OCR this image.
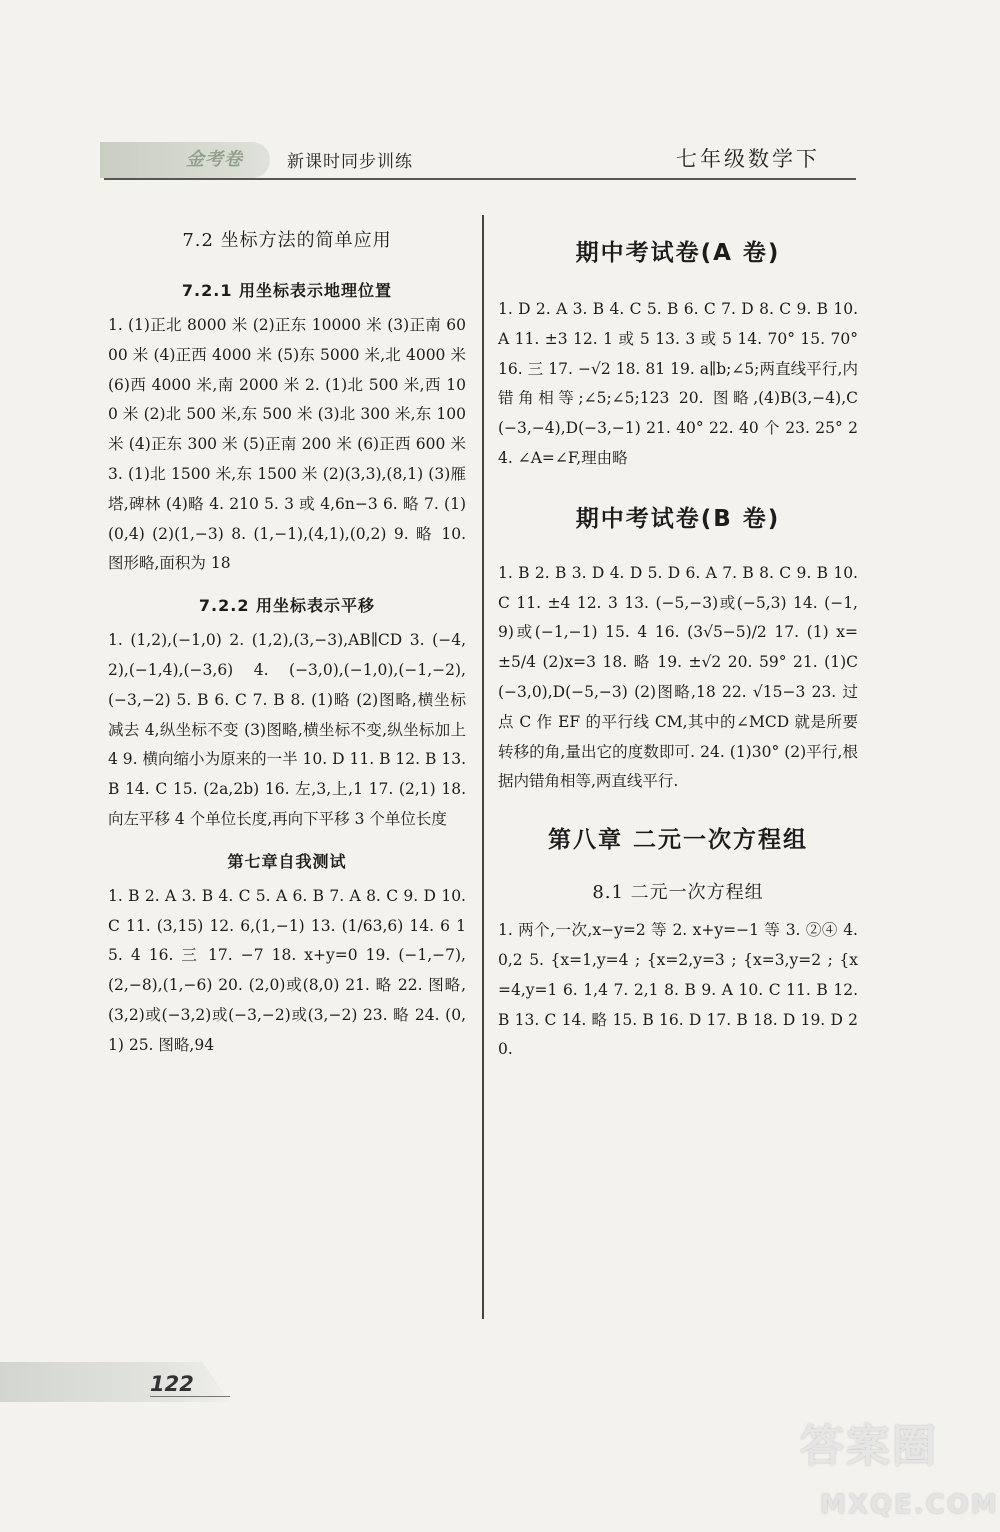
金考卷	新课时同步训练	七年级数学下

7.2 坐标方法的简单应用

7.2.1 用坐标表示地理位置

1. (1)正北 8000 米 (2)正东 10000 米 (3)正南 6000 米 (4)正西 4000 米 (5)东 5000 米,北 4000 米 (6)西 4000 米,南 2000 米 2. (1)北 500 米,西 100 米 (2)北 500 米,东 500 米 (3)北 300 米,东 100 米 (4)正东 300 米 (5)正南 200 米 (6)正西 600 米 3. (1)北 1500 米,东 1500 米 (2)(3,3),(8,1) (3)雁塔,碑林 (4)略 4. 210 5. 3 或 4,6n−3 6. 略 7. (1)(0,4) (2)(1,−3) 8. (1,−1),(4,1),(0,2) 9. 略 10. 图形略,面积为 18

7.2.2 用坐标表示平移

1. (1,2),(−1,0) 2. (1,2),(3,−3),AB∥CD 3. (−4,2),(−1,4),(−3,6) 4. (−3,0),(−1,0),(−1,−2),(−3,−2) 5. B 6. C 7. B 8. (1)略 (2)图略,横坐标减去 4,纵坐标不变 (3)图略,横坐标不变,纵坐标加上 4 9. 横向缩小为原来的一半 10. D 11. B 12. B 13. B 14. C 15. (2a,2b) 16. 左,3,上,1 17. (2,1) 18. 向左平移 4 个单位长度,再向下平移 3 个单位长度

第七章自我测试

1. B 2. A 3. B 4. C 5. A 6. B 7. A 8. C 9. D 10. C 11. (3,15) 12. 6,(1,−1) 13. (1/63,6) 14. 6 15. 4 16. 三 17. −7 18. x+y=0 19. (−1,−7),(2,−8),(1,−6) 20. (2,0)或(8,0) 21. 略 22. 图略,(3,2)或(−3,2)或(−3,−2)或(3,−2) 23. 略 24. (0,1) 25. 图略,94

期中考试卷(A 卷)

1. D 2. A 3. B 4. C 5. B 6. C 7. D 8. C 9. B 10. A 11. ±3 12. 1 或 5 13. 3 或 5 14. 70° 15. 70° 16. 三 17. −√2 18. 81 19. a∥b;∠5;两直线平行,内错角相等;∠5;∠5;123 20. 图略,(4)B(3,−4),C(−3,−4),D(−3,−1) 21. 40° 22. 40 个 23. 25° 24. ∠A=∠F,理由略

期中考试卷(B 卷)

1. B 2. B 3. D 4. D 5. D 6. A 7. B 8. C 9. B 10. C 11. ±4 12. 3 13. (−5,−3)或(−5,3) 14. (−1,9)或(−1,−1) 15. 4 16. (3√5−5)/2 17. (1) x=±5/4 (2)x=3 18. 略 19. ±√2 20. 59° 21. (1)C(−3,0),D(−5,−3) (2)图略,18 22. √15−3 23. 过点 C 作 EF 的平行线 CM,其中的∠MCD 就是所要转移的角,量出它的度数即可. 24. (1)30° (2)平行,根据内错角相等,两直线平行.

第八章 二元一次方程组

8.1 二元一次方程组

1. 两个,一次,x−y=2 等 2. x+y=−1 等 3. ②④ 4. 0,2 5. {x=1,y=4 ; {x=2,y=3 ; {x=3,y=2 ; {x=4,y=1 6. 1,4 7. 2,1 8. B 9. A 10. C 11. B 12. B 13. C 14. 略 15. B 16. D 17. B 18. D 19. D 20.

122
答案圈
MXQE.COM
